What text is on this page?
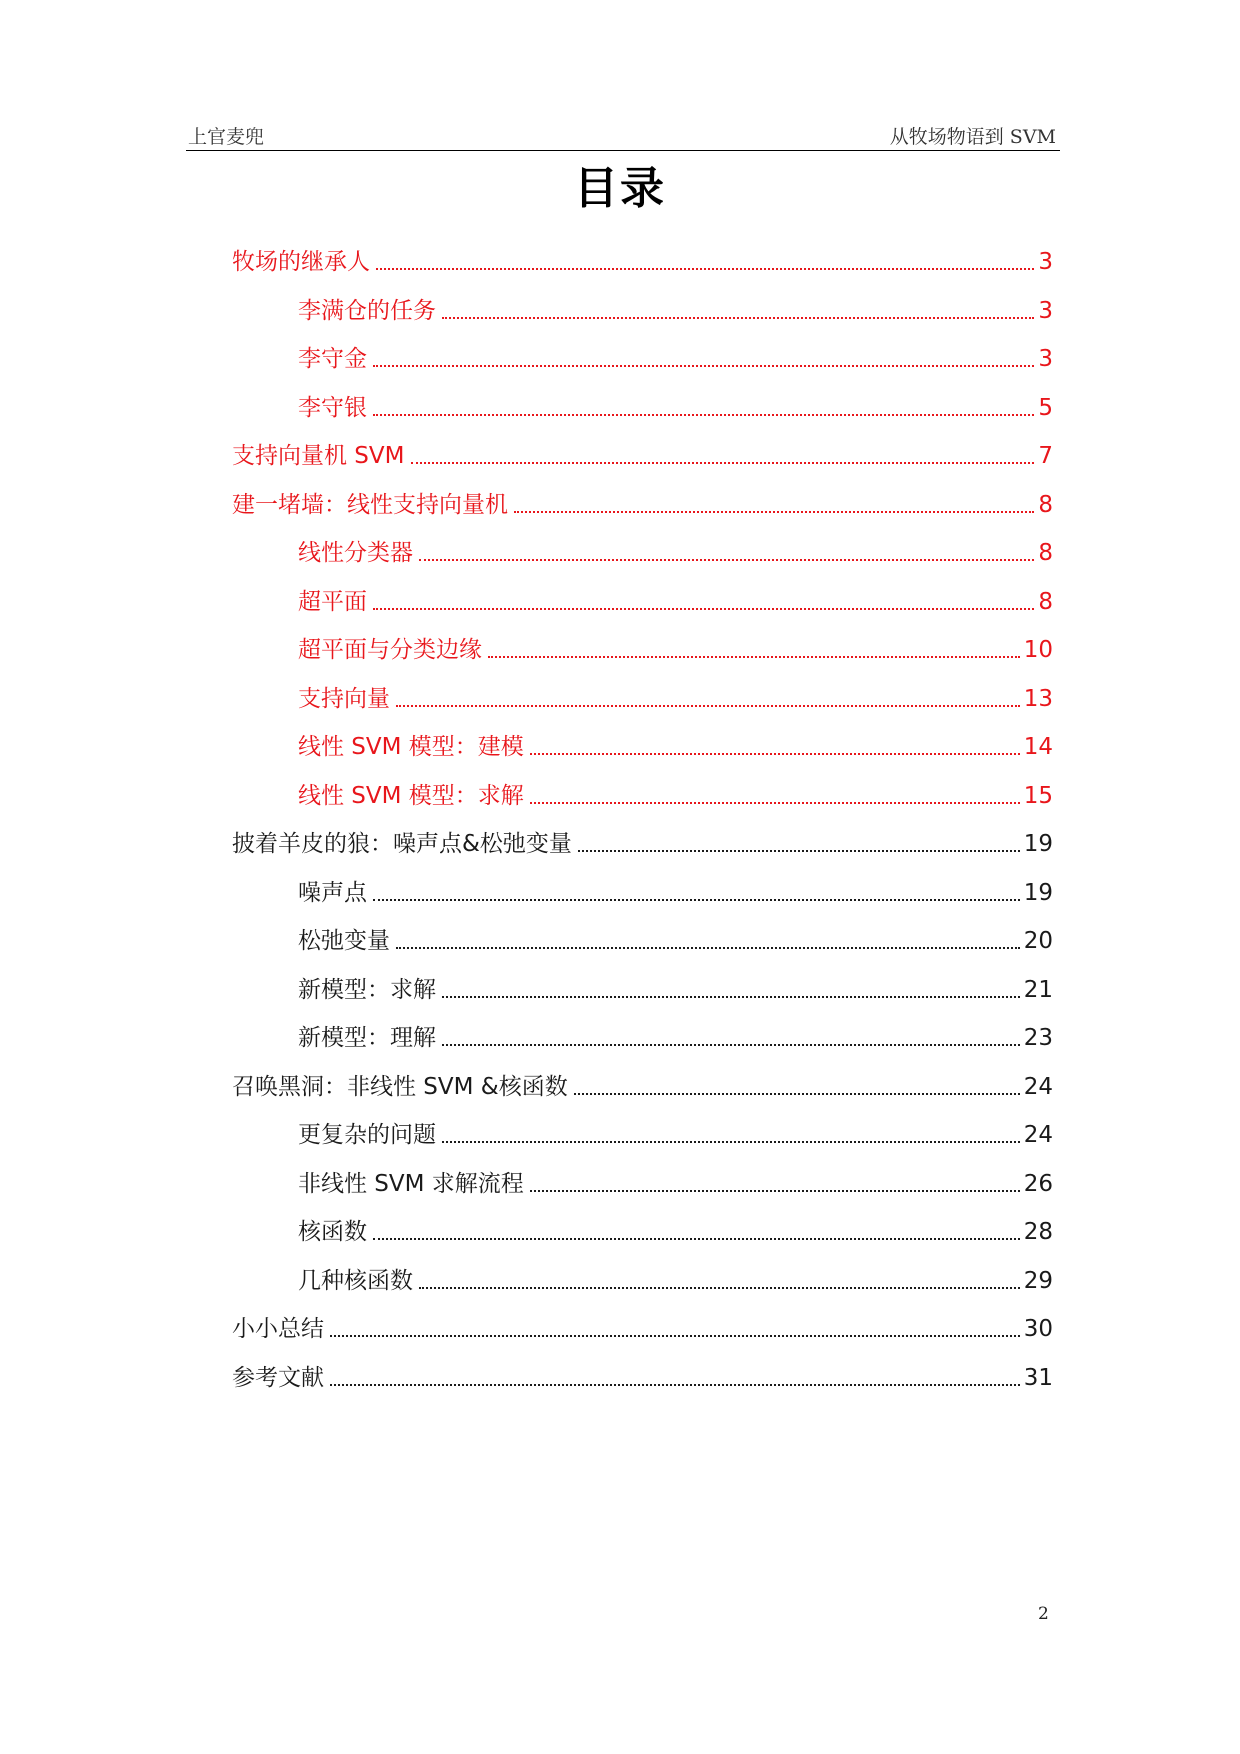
上官麦兜	从牧场物语到 SVM
目录
牧场的继承人	3
李满仓的任务	3
李守金	3
李守银	5
支持向量机 SVM	7
建一堵墙：线性支持向量机	8
线性分类器	8
超平面	8
超平面与分类边缘	10
支持向量	13
线性 SVM 模型：建模	14
线性 SVM 模型：求解	15
披着羊皮的狼：噪声点&松弛变量	19
噪声点	19
松弛变量	20
新模型：求解	21
新模型：理解	23
召唤黑洞：非线性 SVM &核函数	24
更复杂的问题	24
非线性 SVM 求解流程	26
核函数	28
几种核函数	29
小小总结	30
参考文献	31
2
